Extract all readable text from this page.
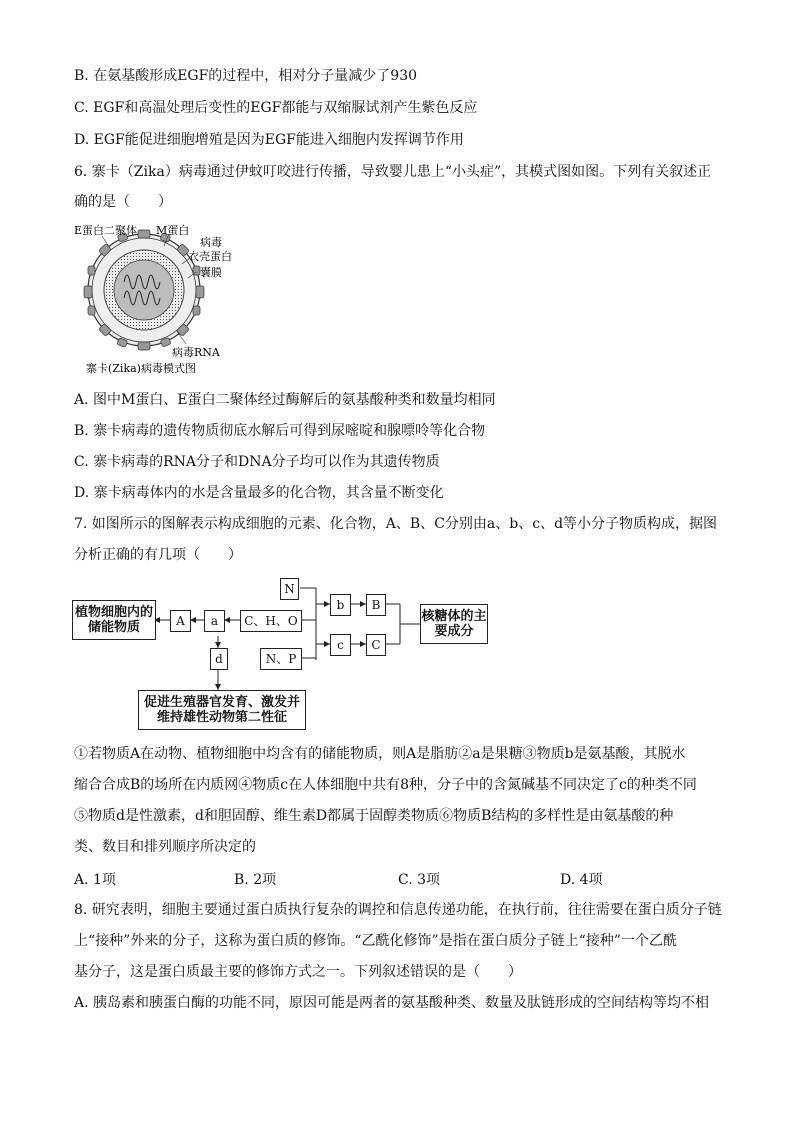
B. 在氨基酸形成EGF的过程中，相对分子量减少了930
C. EGF和高温处理后变性的EGF都能与双缩脲试剂产生紫色反应
D. EGF能促进细胞增殖是因为EGF能进入细胞内发挥调节作用
6. 寨卡（Zika）病毒通过伊蚊叮咬进行传播，导致婴儿患上“小头症”，其模式图如图。下列有关叙述正
确的是（　　）
E蛋白二聚体 M蛋白
病毒
衣壳蛋白
囊膜
病毒RNA
寨卡(Zika)病毒模式图
A. 图中M蛋白、E蛋白二聚体经过酶解后的氨基酸种类和数量均相同
B. 寨卡病毒的遗传物质彻底水解后可得到尿嘧啶和腺嘌呤等化合物
C. 寨卡病毒的RNA分子和DNA分子均可以作为其遗传物质
D. 寨卡病毒体内的水是含量最多的化合物，其含量不断变化
7. 如图所示的图解表示构成细胞的元素、化合物，A、B、C分别由a、b、c、d等小分子物质构成，据图
分析正确的有几项（　　）
植物细胞内的储能物质	A	a	C、H、O
N
b	B
N、P
c	C
d
核糖体的主要成分
促进生殖器官发育、激发并维持雄性动物第二性征
①若物质A在动物、植物细胞中均含有的储能物质，则A是脂肪②a是果糖③物质b是氨基酸，其脱水
缩合合成B的场所在内质网④物质c在人体细胞中共有8种，分子中的含氮碱基不同决定了c的种类不同
⑤物质d是性激素，d和胆固醇、维生素D都属于固醇类物质⑥物质B结构的多样性是由氨基酸的种
类、数目和排列顺序所决定的
A. 1项	B. 2项	C. 3项	D. 4项
8. 研究表明，细胞主要通过蛋白质执行复杂的调控和信息传递功能，在执行前，往往需要在蛋白质分子链
上“接种”外来的分子，这称为蛋白质的修饰。“乙酰化修饰”是指在蛋白质分子链上“接种”一个乙酰
基分子，这是蛋白质最主要的修饰方式之一。下列叙述错误的是（　　）
A. 胰岛素和胰蛋白酶的功能不同，原因可能是两者的氨基酸种类、数量及肽链形成的空间结构等均不相
